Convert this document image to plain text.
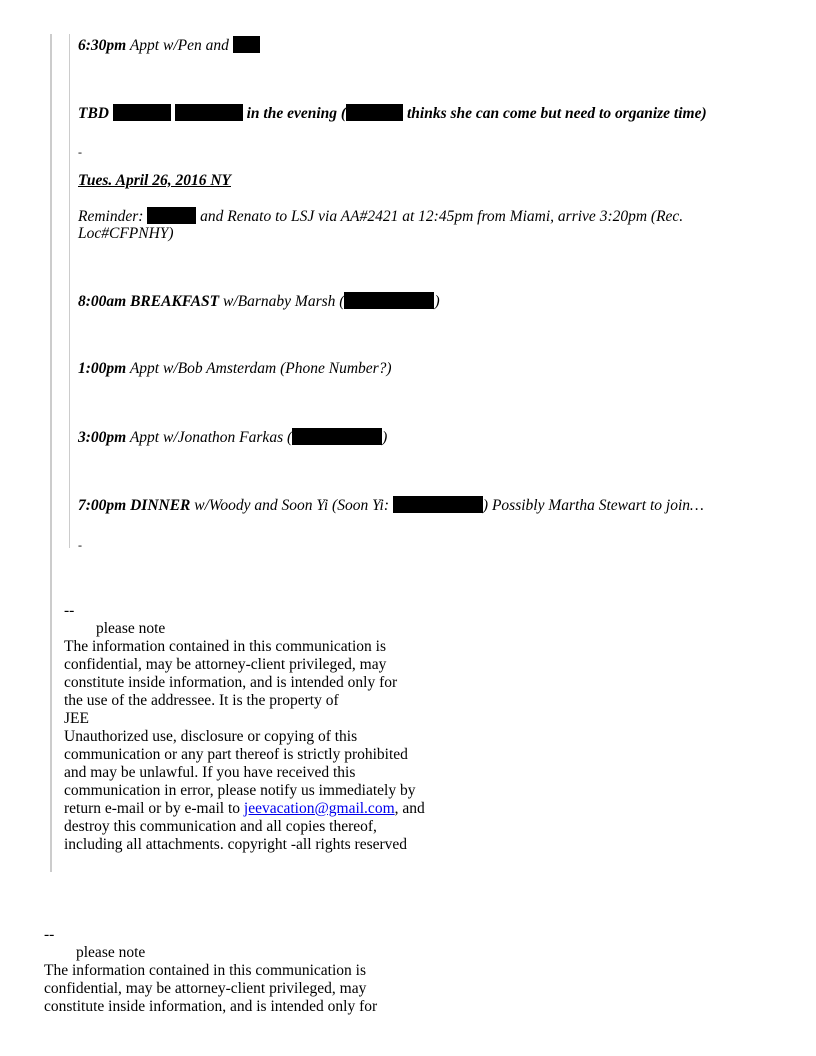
6:30pm Appt w/Pen and
TBD	in the evening (	thinks she can come but need to organize time)
-
Tues. April 26, 2016 NY
Reminder:	and Renato to LSJ via AA#2421 at 12:45pm from Miami, arrive 3:20pm (Rec.
Loc#CFPNHY)
8:00am BREAKFAST w/Barnaby Marsh (	)
1:00pm Appt w/Bob Amsterdam (Phone Number?)
3:00pm Appt w/Jonathon Farkas (	)
7:00pm DINNER w/Woody and Soon Yi (Soon Yi:	) Possibly Martha Stewart to join…
-
--
please note
The information contained in this communication is
confidential, may be attorney-client privileged, may
constitute inside information, and is intended only for
the use of the addressee. It is the property of
JEE
Unauthorized use, disclosure or copying of this
communication or any part thereof is strictly prohibited
and may be unlawful. If you have received this
communication in error, please notify us immediately by
return e-mail or by e-mail to jeevacation@gmail.com, and
destroy this communication and all copies thereof,
including all attachments. copyright -all rights reserved
--
please note
The information contained in this communication is
confidential, may be attorney-client privileged, may
constitute inside information, and is intended only for
